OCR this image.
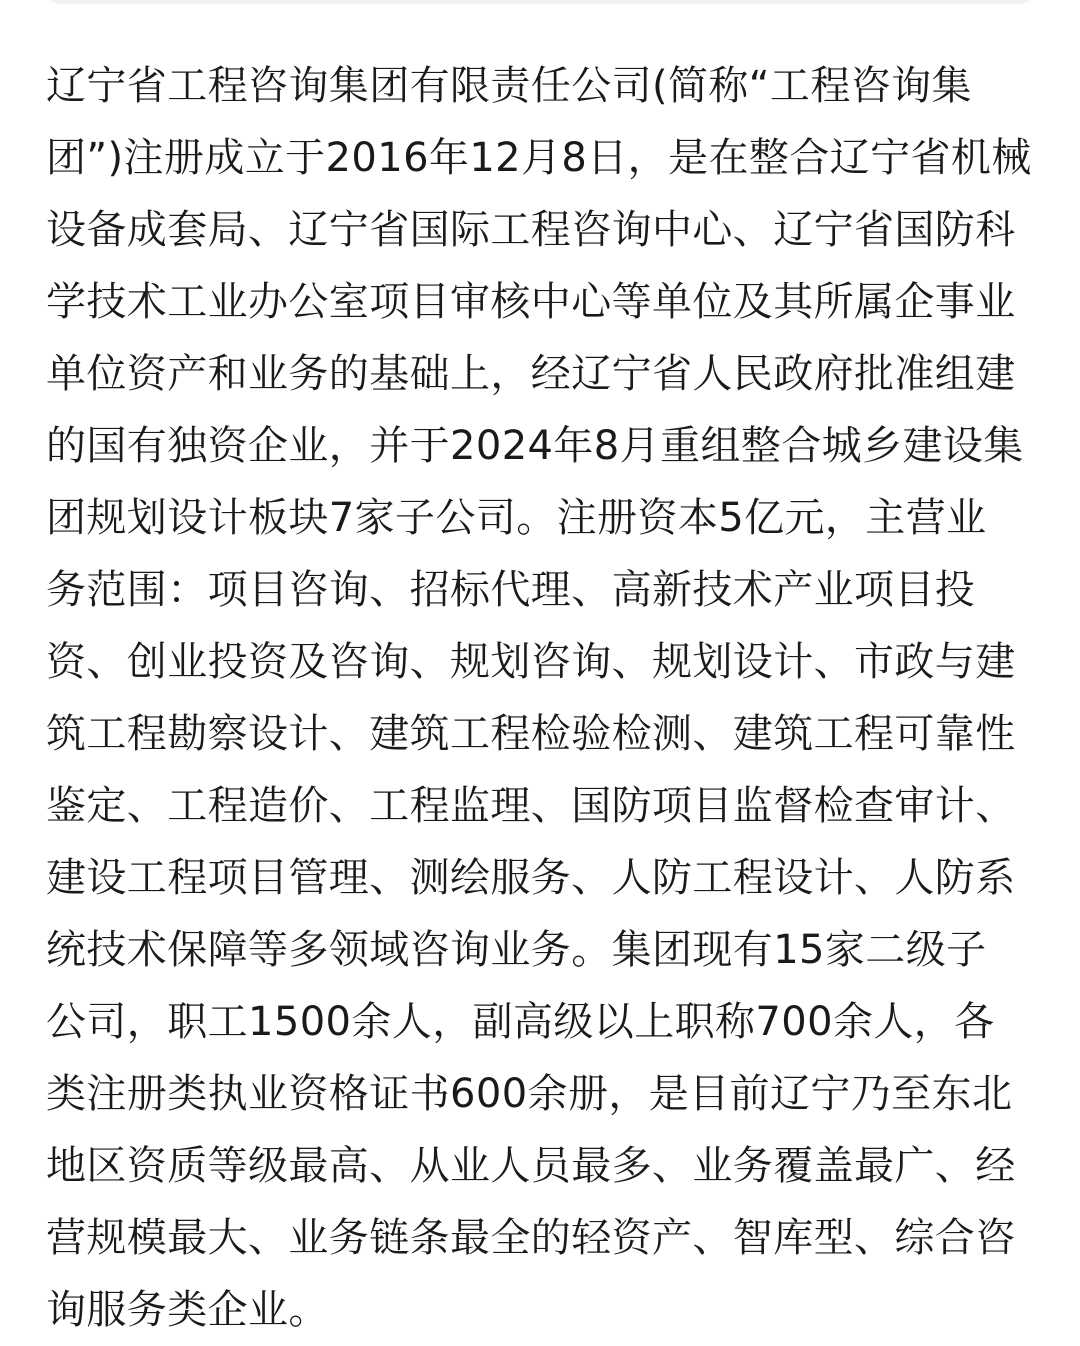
辽宁省工程咨询集团有限责任公司(简称“工程咨询集
团”)注册成立于2016年12月8日，是在整合辽宁省机械
设备成套局、辽宁省国际工程咨询中心、辽宁省国防科
学技术工业办公室项目审核中心等单位及其所属企事业
单位资产和业务的基础上，经辽宁省人民政府批准组建
的国有独资企业，并于2024年8月重组整合城乡建设集
团规划设计板块7家子公司。注册资本5亿元，主营业
务范围：项目咨询、招标代理、高新技术产业项目投
资、创业投资及咨询、规划咨询、规划设计、市政与建
筑工程勘察设计、建筑工程检验检测、建筑工程可靠性
鉴定、工程造价、工程监理、国防项目监督检查审计、
建设工程项目管理、测绘服务、人防工程设计、人防系
统技术保障等多领域咨询业务。集团现有15家二级子
公司，职工1500余人，副高级以上职称700余人，各
类注册类执业资格证书600余册，是目前辽宁乃至东北
地区资质等级最高、从业人员最多、业务覆盖最广、经
营规模最大、业务链条最全的轻资产、智库型、综合咨
询服务类企业。
